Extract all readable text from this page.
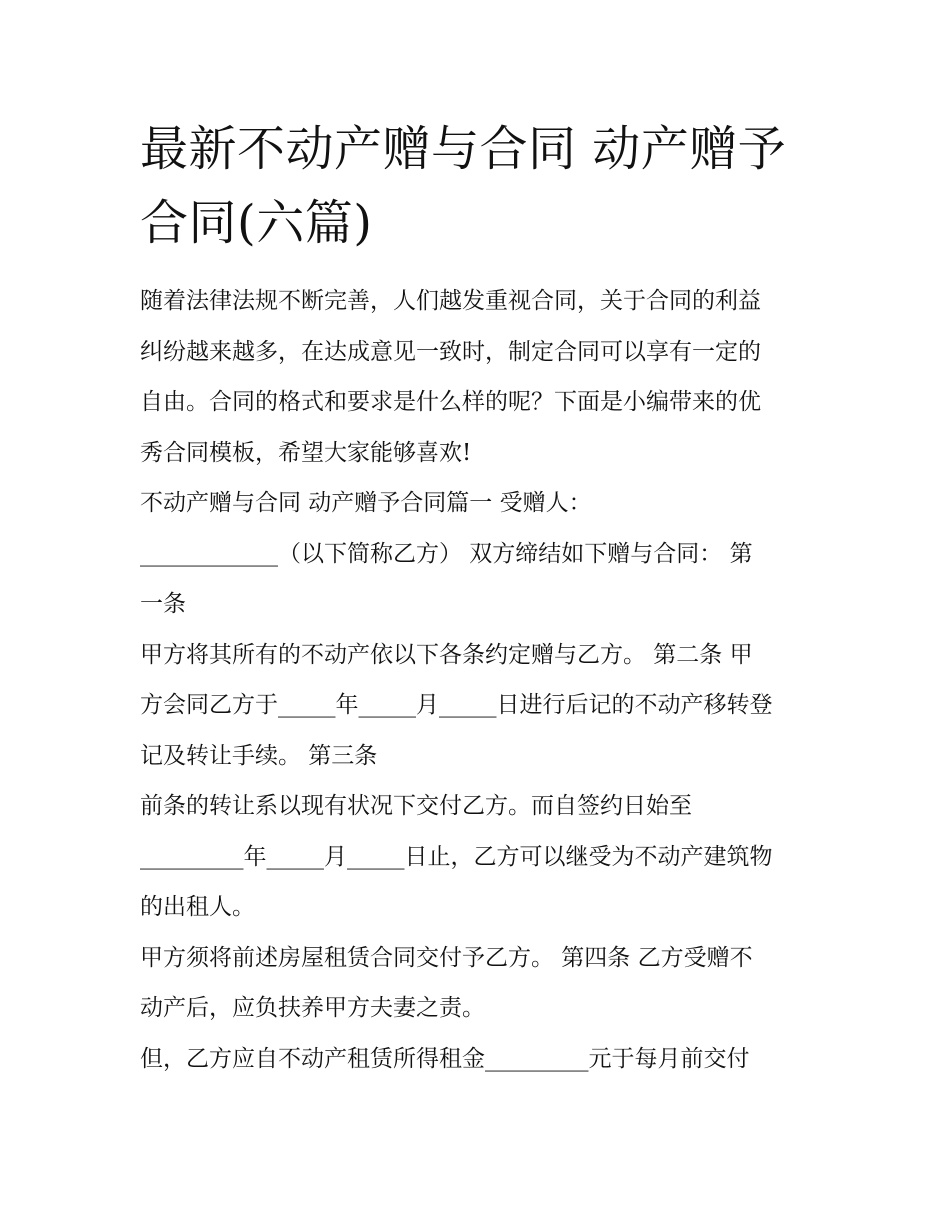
最新不动产赠与合同 动产赠予
合同(六篇)

随着法律法规不断完善，人们越发重视合同，关于合同的利益

纠纷越来越多，在达成意见一致时，制定合同可以享有一定的

自由。合同的格式和要求是什么样的呢？下面是小编带来的优

秀合同模板，希望大家能够喜欢!

不动产赠与合同 动产赠予合同篇一 受赠人：

____________（以下简称乙方） 双方缔结如下赠与合同： 第

一条

甲方将其所有的不动产依以下各条约定赠与乙方。 第二条 甲

方会同乙方于_____年_____月_____日进行后记的不动产移转登

记及转让手续。 第三条

前条的转让系以现有状况下交付乙方。而自签约日始至

_________年_____月_____日止，乙方可以继受为不动产建筑物

的出租人。

甲方须将前述房屋租赁合同交付予乙方。 第四条 乙方受赠不

动产后，应负扶养甲方夫妻之责。

但，乙方应自不动产租赁所得租金_________元于每月前交付
